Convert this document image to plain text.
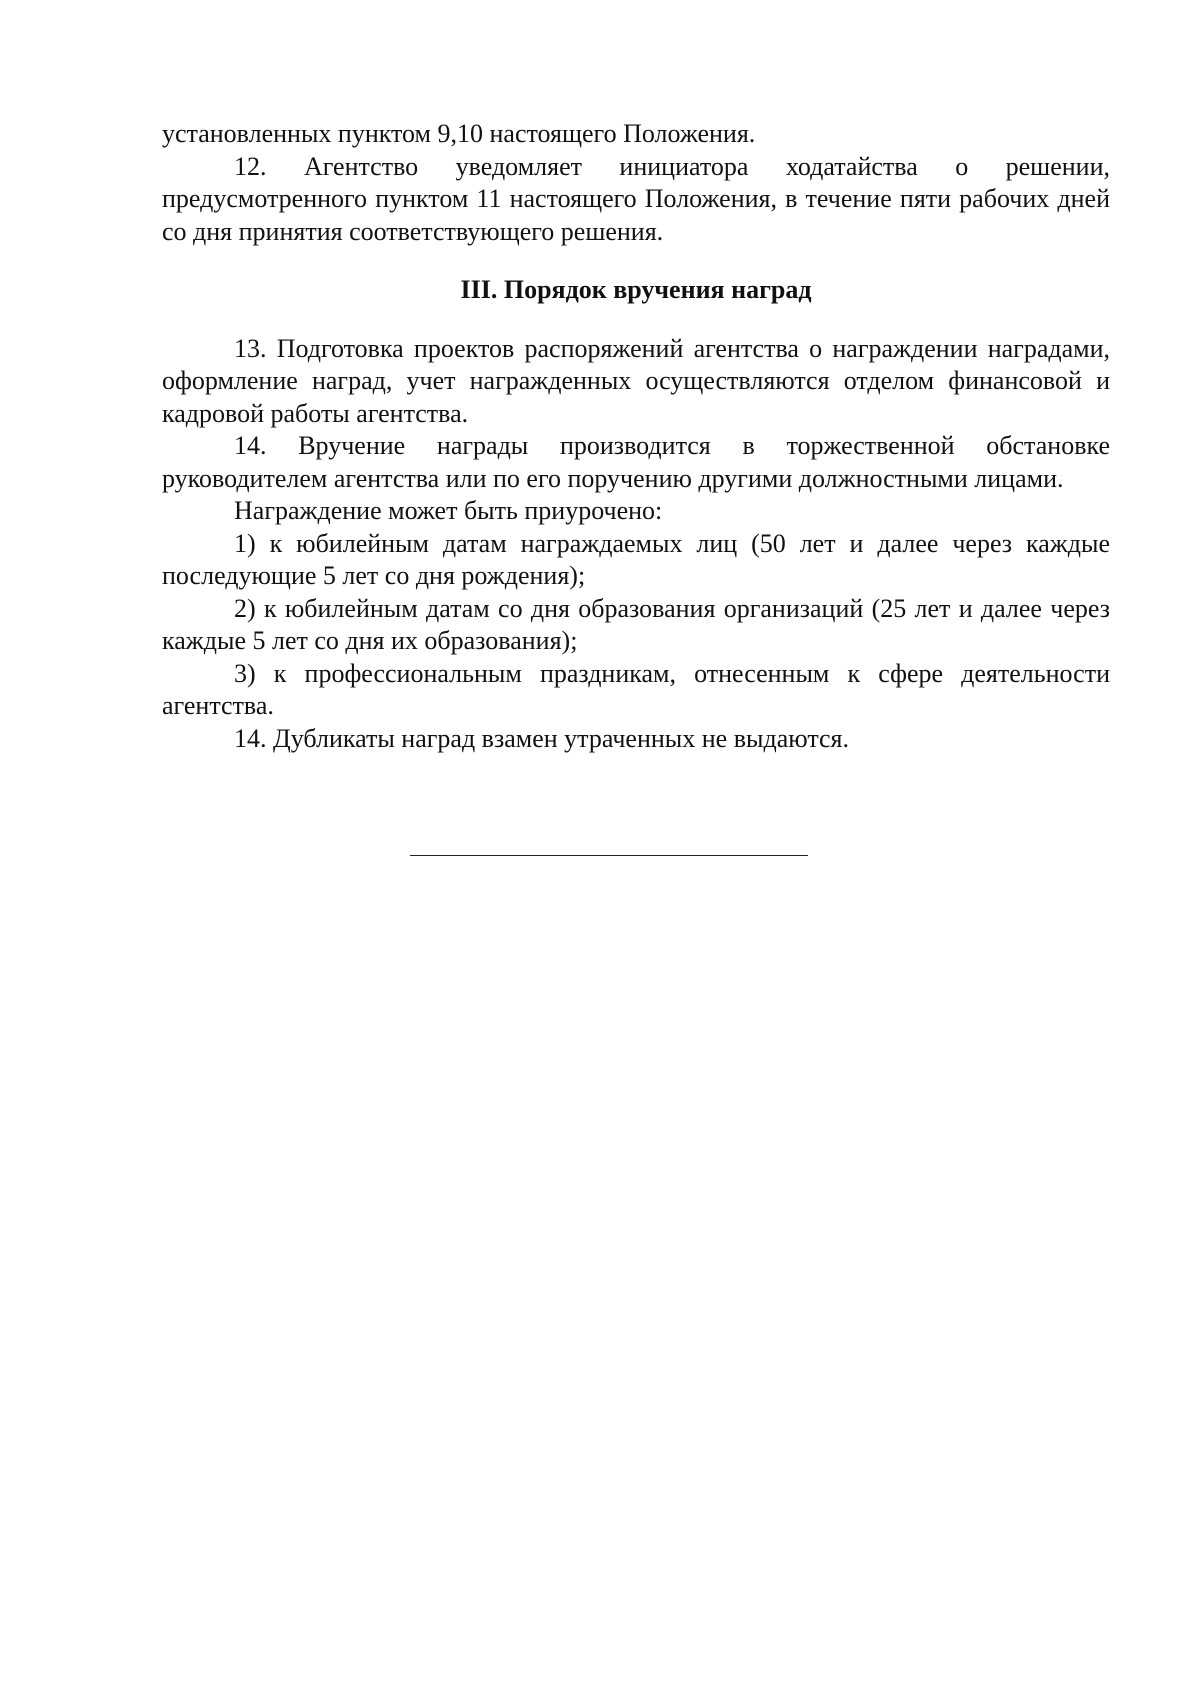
установленных пунктом 9,10 настоящего Положения.

12. Агентство уведомляет инициатора ходатайства о решении, предусмотренного пунктом 11 настоящего Положения, в течение пяти рабочих дней со дня принятия соответствующего решения.

III. Порядок вручения наград

13. Подготовка проектов распоряжений агентства о награждении наградами, оформление наград, учет награжденных осуществляются отделом финансовой и кадровой работы агентства.

14. Вручение награды производится в торжественной обстановке руководителем агентства или по его поручению другими должностными лицами.

Награждение может быть приурочено:

1) к юбилейным датам награждаемых лиц (50 лет и далее через каждые последующие 5 лет со дня рождения);

2) к юбилейным датам со дня образования организаций (25 лет и далее через каждые 5 лет со дня их образования);

3) к профессиональным праздникам, отнесенным к сфере деятельности агентства.

14. Дубликаты наград взамен утраченных не выдаются.
